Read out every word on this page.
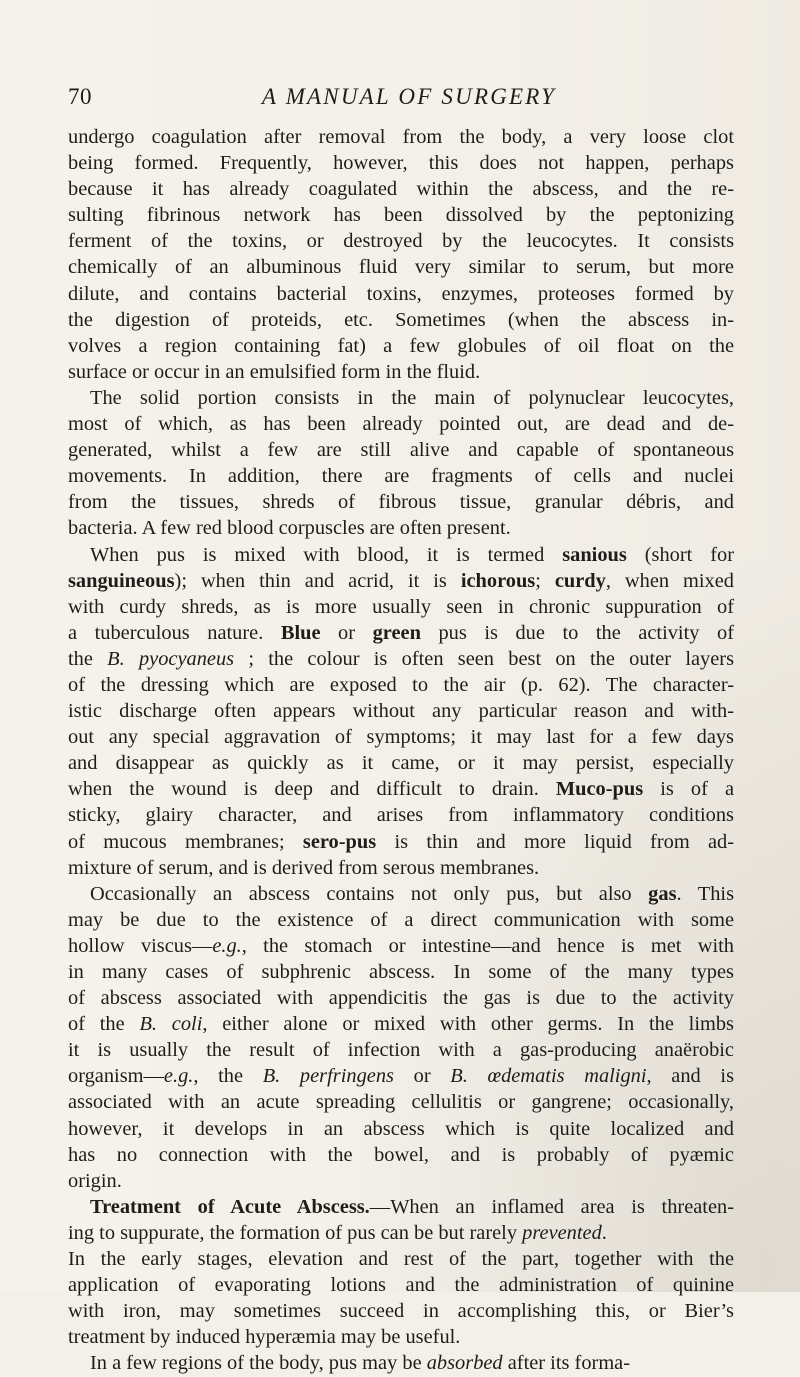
70	A MANUAL OF SURGERY
undergo coagulation after removal from the body, a very loose clot
being formed. Frequently, however, this does not happen, perhaps
because it has already coagulated within the abscess, and the re-
sulting fibrinous network has been dissolved by the peptonizing
ferment of the toxins, or destroyed by the leucocytes. It consists
chemically of an albuminous fluid very similar to serum, but more
dilute, and contains bacterial toxins, enzymes, proteoses formed by
the digestion of proteids, etc. Sometimes (when the abscess in-
volves a region containing fat) a few globules of oil float on the
surface or occur in an emulsified form in the fluid.
The solid portion consists in the main of polynuclear leucocytes,
most of which, as has been already pointed out, are dead and de-
generated, whilst a few are still alive and capable of spontaneous
movements. In addition, there are fragments of cells and nuclei
from the tissues, shreds of fibrous tissue, granular débris, and
bacteria. A few red blood corpuscles are often present.
When pus is mixed with blood, it is termed sanious (short for
sanguineous); when thin and acrid, it is ichorous; curdy, when mixed
with curdy shreds, as is more usually seen in chronic suppuration of
a tuberculous nature. Blue or green pus is due to the activity of
the B. pyocyaneus ; the colour is often seen best on the outer layers
of the dressing which are exposed to the air (p. 62). The character-
istic discharge often appears without any particular reason and with-
out any special aggravation of symptoms; it may last for a few days
and disappear as quickly as it came, or it may persist, especially
when the wound is deep and difficult to drain. Muco-pus is of a
sticky, glairy character, and arises from inflammatory conditions
of mucous membranes; sero-pus is thin and more liquid from ad-
mixture of serum, and is derived from serous membranes.
Occasionally an abscess contains not only pus, but also gas. This
may be due to the existence of a direct communication with some
hollow viscus—e.g., the stomach or intestine—and hence is met with
in many cases of subphrenic abscess. In some of the many types
of abscess associated with appendicitis the gas is due to the activity
of the B. coli, either alone or mixed with other germs. In the limbs
it is usually the result of infection with a gas-producing anaërobic
organism—e.g., the B. perfringens or B. œdematis maligni, and is
associated with an acute spreading cellulitis or gangrene; occasionally,
however, it develops in an abscess which is quite localized and
has no connection with the bowel, and is probably of pyæmic
origin.
Treatment of Acute Abscess.—When an inflamed area is threaten-
ing to suppurate, the formation of pus can be but rarely prevented.
In the early stages, elevation and rest of the part, together with the
application of evaporating lotions and the administration of quinine
with iron, may sometimes succeed in accomplishing this, or Bier’s
treatment by induced hyperæmia may be useful.
In a few regions of the body, pus may be absorbed after its forma-
